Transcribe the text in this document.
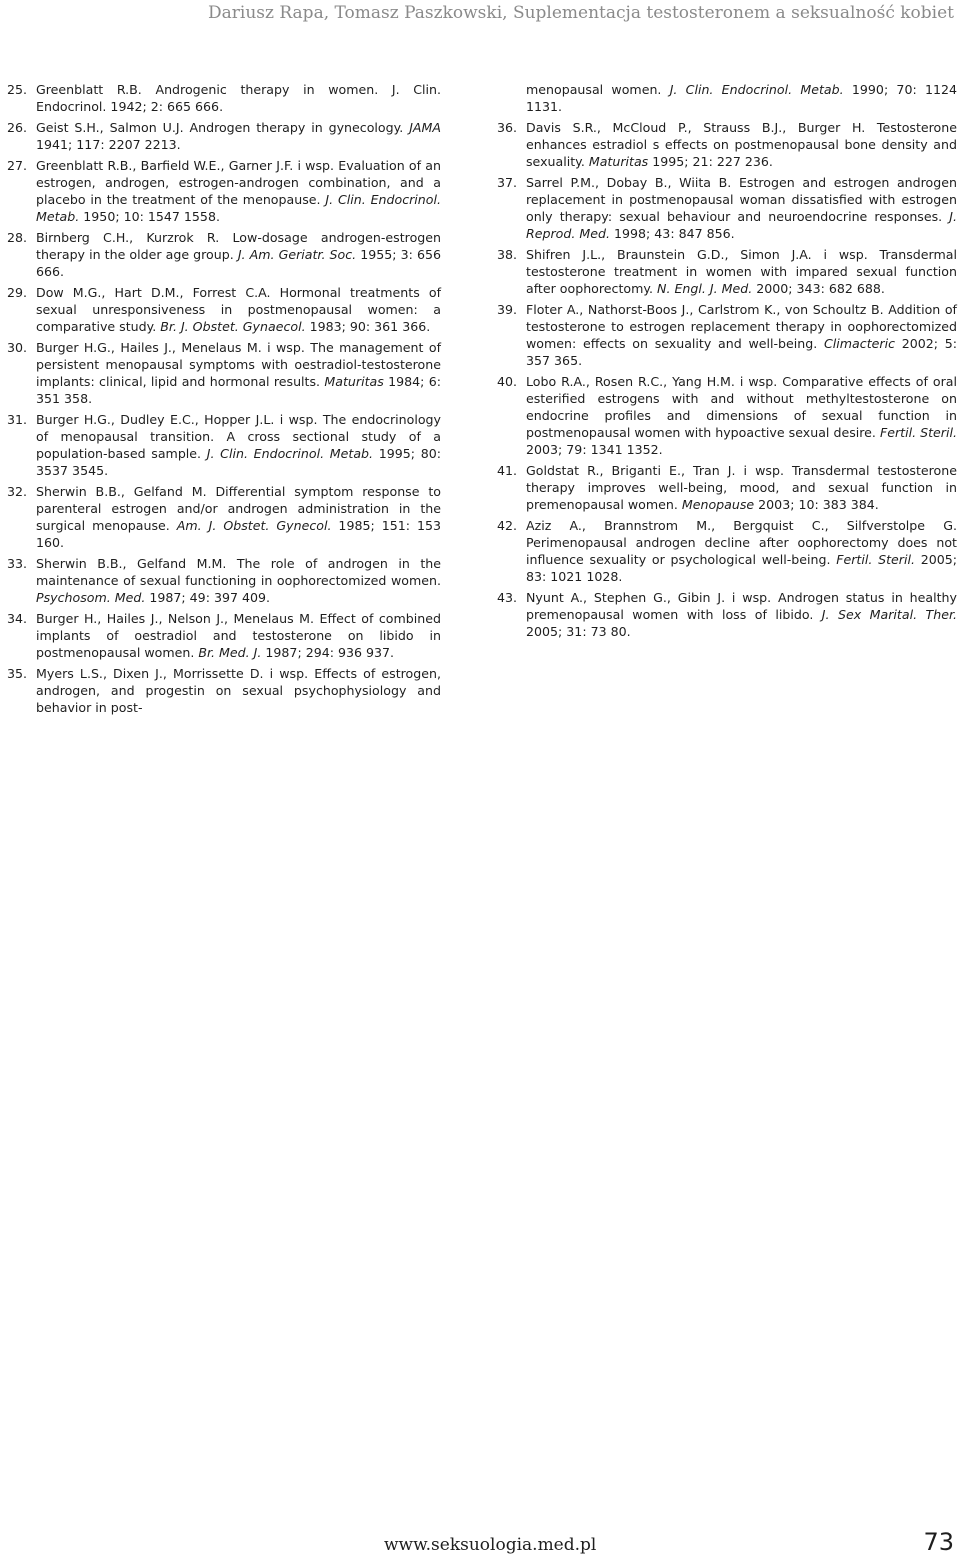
Dariusz Rapa, Tomasz Paszkowski, Suplementacja testosteronem a seksualność kobiet
25. Greenblatt R.B. Androgenic therapy in women. J. Clin. Endocrinol. 1942; 2: 665 666.
26. Geist S.H., Salmon U.J. Androgen therapy in gynecology. JAMA 1941; 117: 2207 2213.
27. Greenblatt R.B., Barfield W.E., Garner J.F. i wsp. Evaluation of an estrogen, androgen, estrogen-androgen combination, and a placebo in the treatment of the menopause. J. Clin. Endocrinol. Metab. 1950; 10: 1547 1558.
28. Birnberg C.H., Kurzrok R. Low-dosage androgen-estrogen therapy in the older age group. J. Am. Geriatr. Soc. 1955; 3: 656 666.
29. Dow M.G., Hart D.M., Forrest C.A. Hormonal treatments of sexual unresponsiveness in postmenopausal women: a comparative study. Br. J. Obstet. Gynaecol. 1983; 90: 361 366.
30. Burger H.G., Hailes J., Menelaus M. i wsp. The management of persistent menopausal symptoms with oestradiol-testosterone implants: clinical, lipid and hormonal results. Maturitas 1984; 6: 351 358.
31. Burger H.G., Dudley E.C., Hopper J.L. i wsp. The endocrinology of menopausal transition. A cross sectional study of a population-based sample. J. Clin. Endocrinol. Metab. 1995; 80: 3537 3545.
32. Sherwin B.B., Gelfand M. Differential symptom response to parenteral estrogen and/or androgen administration in the surgical menopause. Am. J. Obstet. Gynecol. 1985; 151: 153 160.
33. Sherwin B.B., Gelfand M.M. The role of androgen in the maintenance of sexual functioning in oophorectomized women. Psychosom. Med. 1987; 49: 397 409.
34. Burger H., Hailes J., Nelson J., Menelaus M. Effect of combined implants of oestradiol and testosterone on libido in postmenopausal women. Br. Med. J. 1987; 294: 936 937.
35. Myers L.S., Dixen J., Morrissette D. i wsp. Effects of estrogen, androgen, and progestin on sexual psychophysiology and behavior in post-
menopausal women. J. Clin. Endocrinol. Metab. 1990; 70: 1124 1131.
36. Davis S.R., McCloud P., Strauss B.J., Burger H. Testosterone enhances estradiol s effects on postmenopausal bone density and sexuality. Maturitas 1995; 21: 227 236.
37. Sarrel P.M., Dobay B., Wiita B. Estrogen and estrogen androgen replacement in postmenopausal woman dissatisfied with estrogen only therapy: sexual behaviour and neuroendocrine responses. J. Reprod. Med. 1998; 43: 847 856.
38. Shifren J.L., Braunstein G.D., Simon J.A. i wsp. Transdermal testosterone treatment in women with impared sexual function after oophorectomy. N. Engl. J. Med. 2000; 343: 682 688.
39. Floter A., Nathorst-Boos J., Carlstrom K., von Schoultz B. Addition of testosterone to estrogen replacement therapy in oophorectomized women: effects on sexuality and well-being. Climacteric 2002; 5: 357 365.
40. Lobo R.A., Rosen R.C., Yang H.M. i wsp. Comparative effects of oral esterified estrogens with and without methyltestosterone on endocrine profiles and dimensions of sexual function in postmenopausal women with hypoactive sexual desire. Fertil. Steril. 2003; 79: 1341 1352.
41. Goldstat R., Briganti E., Tran J. i wsp. Transdermal testosterone therapy improves well-being, mood, and sexual function in premenopausal women. Menopause 2003; 10: 383 384.
42. Aziz A., Brannstrom M., Bergquist C., Silfverstolpe G. Perimenopausal androgen decline after oophorectomy does not influence sexuality or psychological well-being. Fertil. Steril. 2005; 83: 1021 1028.
43. Nyunt A., Stephen G., Gibin J. i wsp. Androgen status in healthy premenopausal women with loss of libido. J. Sex Marital. Ther. 2005; 31: 73 80.
www.seksuologia.med.pl	73
